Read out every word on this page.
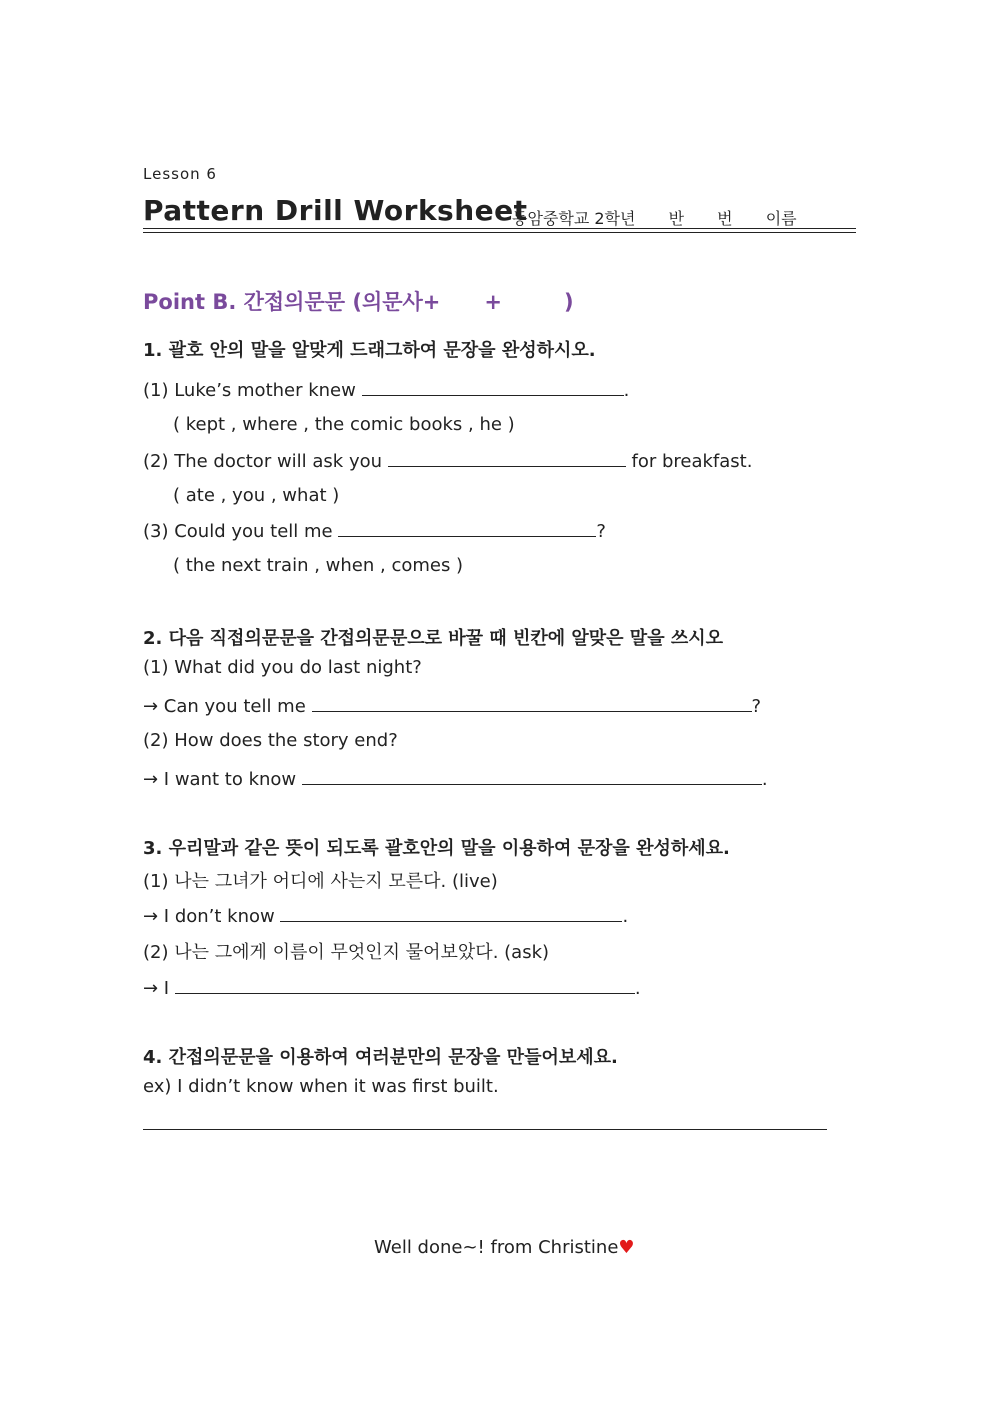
Lesson 6
Pattern Drill Worksheet
동암중학교 2학년 반 번 이름
Point B. 간접의문문 (의문사+ +	)
1. 괄호 안의 말을 알맞게 드래그하여 문장을 완성하시오.
(1) Luke’s mother knew	.
( kept , where , the comic books , he )
(2) The doctor will ask you	for breakfast.
( ate , you , what )
(3) Could you tell me	?
( the next train , when , comes )
2. 다음 직접의문문을 간접의문문으로 바꿀 때 빈칸에 알맞은 말을 쓰시오
(1) What did you do last night?
→ Can you tell me	?
(2) How does the story end?
→ I want to know	.
3. 우리말과 같은 뜻이 되도록 괄호안의 말을 이용하여 문장을 완성하세요.
(1) 나는 그녀가 어디에 사는지 모른다. (live)
→ I don’t know	.
(2) 나는 그에게 이름이 무엇인지 물어보았다. (ask)
→ I	.
4. 간접의문문을 이용하여 여러분만의 문장을 만들어보세요.
ex) I didn’t know when it was first built.
Well done~! from Christine♥
